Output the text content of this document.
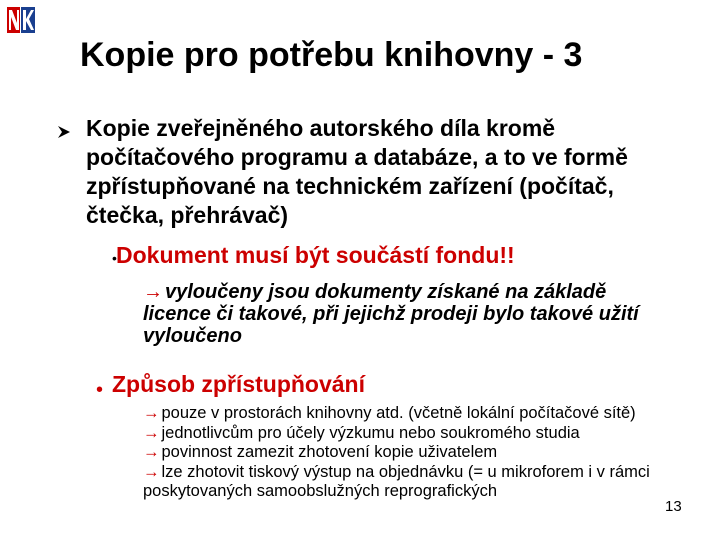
Kopie pro potřebu knihovny - 3
Kopie zveřejněného autorského díla kromě počítačového programu a databáze, a to ve formě zpřístupňované na technickém zařízení (počítač, čtečka, přehrávač)
• Dokument musí být součástí fondu!!
→ vyloučeny jsou dokumenty získané na základě licence či takové, při jejichž prodeji bylo takové užití vyloučeno
• Způsob zpřístupňování
→ pouze v prostorách knihovny atd. (včetně lokální počítačové sítě)
→ jednotlivcům pro účely výzkumu nebo soukromého studia
→ povinnost zamezit zhotovení kopie uživatelem
→ lze zhotovit tiskový výstup na objednávku (= u mikroforem i v rámci poskytovaných samoobslužných reprografických
13
